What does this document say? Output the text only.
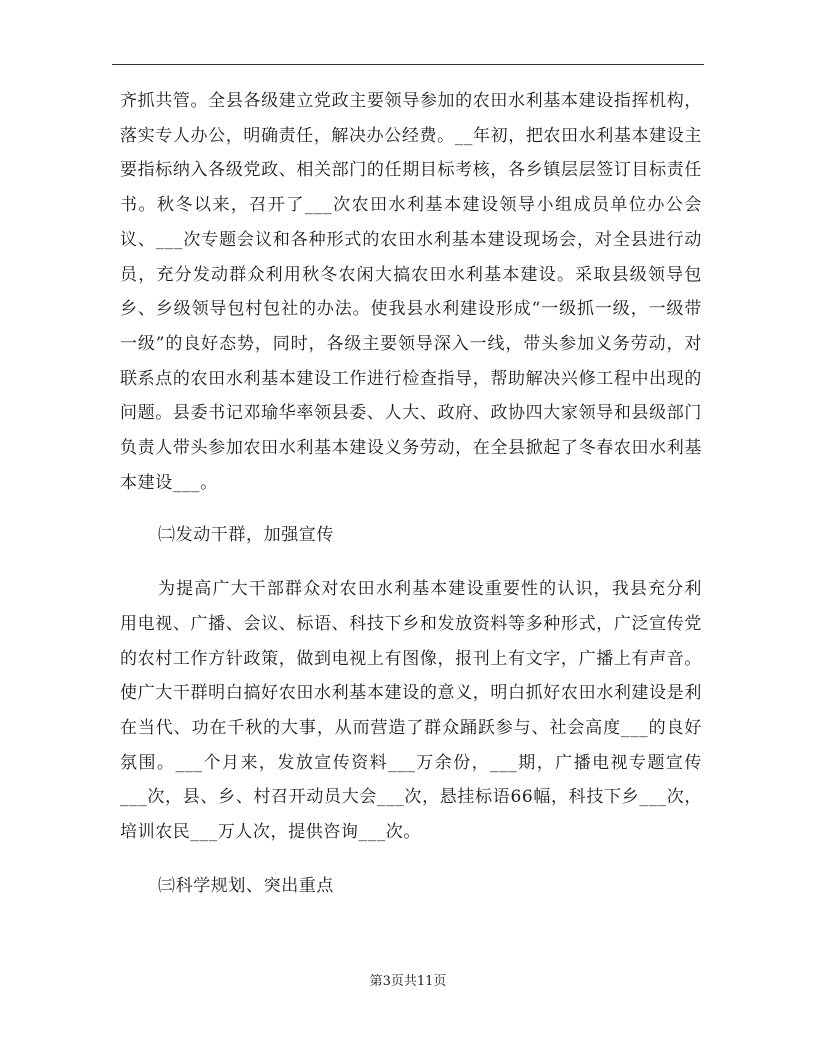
齐抓共管。全县各级建立党政主要领导参加的农田水利基本建设指挥机构，落实专人办公，明确责任，解决办公经费。__年初，把农田水利基本建设主要指标纳入各级党政、相关部门的任期目标考核，各乡镇层层签订目标责任书。秋冬以来，召开了___次农田水利基本建设领导小组成员单位办公会议、___次专题会议和各种形式的农田水利基本建设现场会，对全县进行动员，充分发动群众利用秋冬农闲大搞农田水利基本建设。采取县级领导包乡、乡级领导包村包社的办法。使我县水利建设形成“一级抓一级，一级带一级”的良好态势，同时，各级主要领导深入一线，带头参加义务劳动，对联系点的农田水利基本建设工作进行检查指导，帮助解决兴修工程中出现的问题。县委书记邓瑜华率领县委、人大、政府、政协四大家领导和县级部门负责人带头参加农田水利基本建设义务劳动，在全县掀起了冬春农田水利基本建设___。

㈡发动干群，加强宣传

为提高广大干部群众对农田水利基本建设重要性的认识，我县充分利用电视、广播、会议、标语、科技下乡和发放资料等多种形式，广泛宣传党的农村工作方针政策，做到电视上有图像，报刊上有文字，广播上有声音。使广大干群明白搞好农田水利基本建设的意义，明白抓好农田水利建设是利在当代、功在千秋的大事，从而营造了群众踊跃参与、社会高度___的良好氛围。___个月来，发放宣传资料___万余份，___期，广播电视专题宣传___次，县、乡、村召开动员大会___次，悬挂标语66幅，科技下乡___次，培训农民___万人次，提供咨询___次。

㈢科学规划、突出重点

第3页共11页
